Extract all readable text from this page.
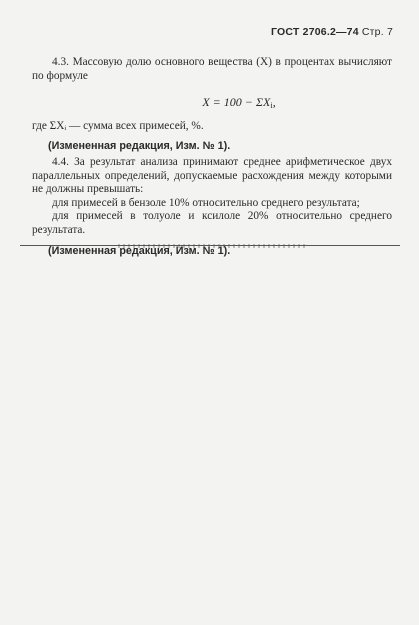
ГОСТ 2706.2—74 Стр. 7

4.3. Массовую долю основного вещества (X) в процентах вычисляют по формуле

$X = 100 - \Sigma X_i$,

где ΣXᵢ — сумма всех примесей, %.

(Измененная редакция, Изм. № 1).

4.4. За результат анализа принимают среднее арифметическое двух параллельных определений, допускаемые расхождения между которыми не должны превышать:

для примесей в бензоле 10% относительно среднего результата;

для примесей в толуоле и ксилоле 20% относительно среднего результата.

(Измененная редакция, Изм. № 1).
